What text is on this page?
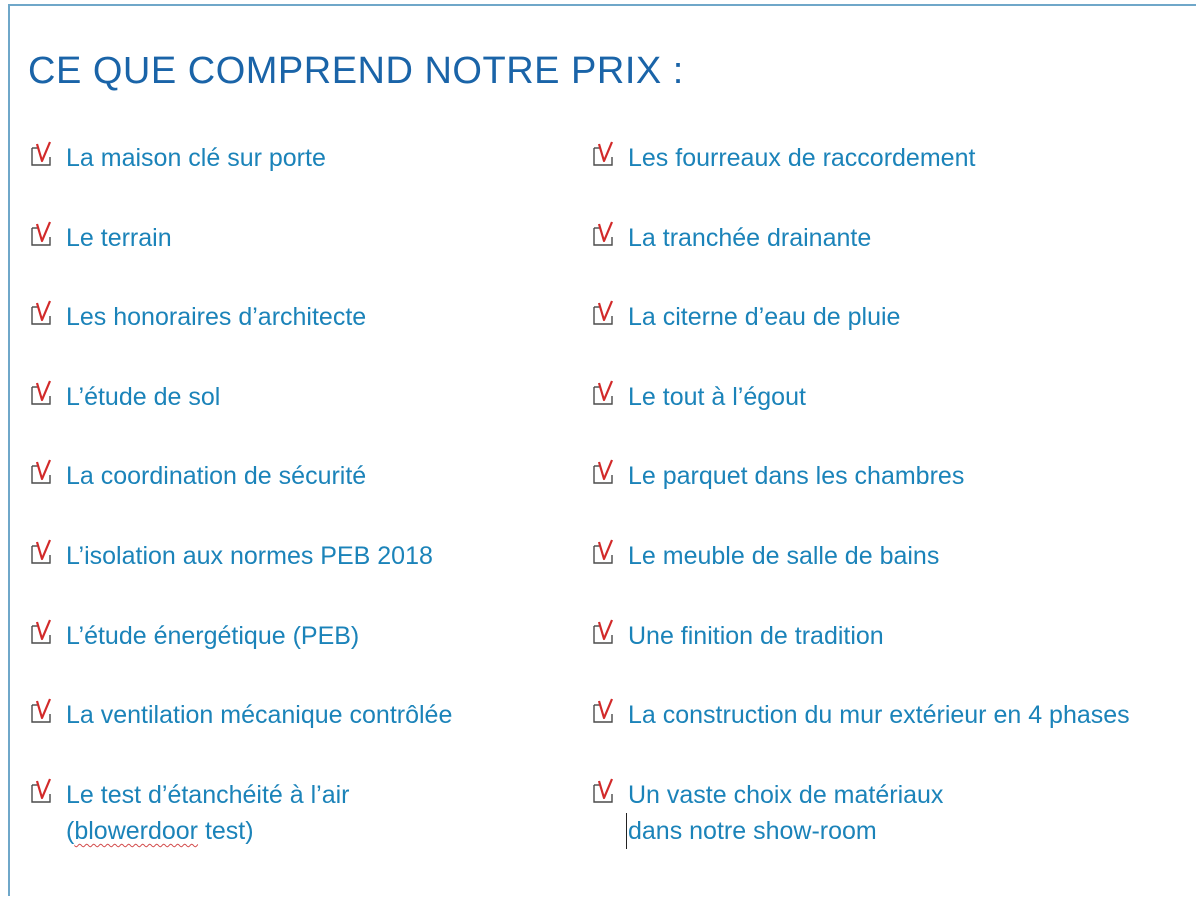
CE QUE COMPREND NOTRE PRIX :
La maison clé sur porte
Le terrain
Les honoraires d’architecte
L’étude de sol
La coordination de sécurité
L’isolation aux normes PEB 2018
L’étude énergétique (PEB)
La ventilation mécanique contrôlée
Le test d’étanchéité à l’air
(blowerdoor test)
Les fourreaux de raccordement
La tranchée drainante
La citerne d’eau de pluie
Le tout à l’égout
Le parquet dans les chambres
Le meuble de salle de bains
Une finition de tradition
La construction du mur extérieur en 4 phases
Un vaste choix de matériaux
dans notre show-room
